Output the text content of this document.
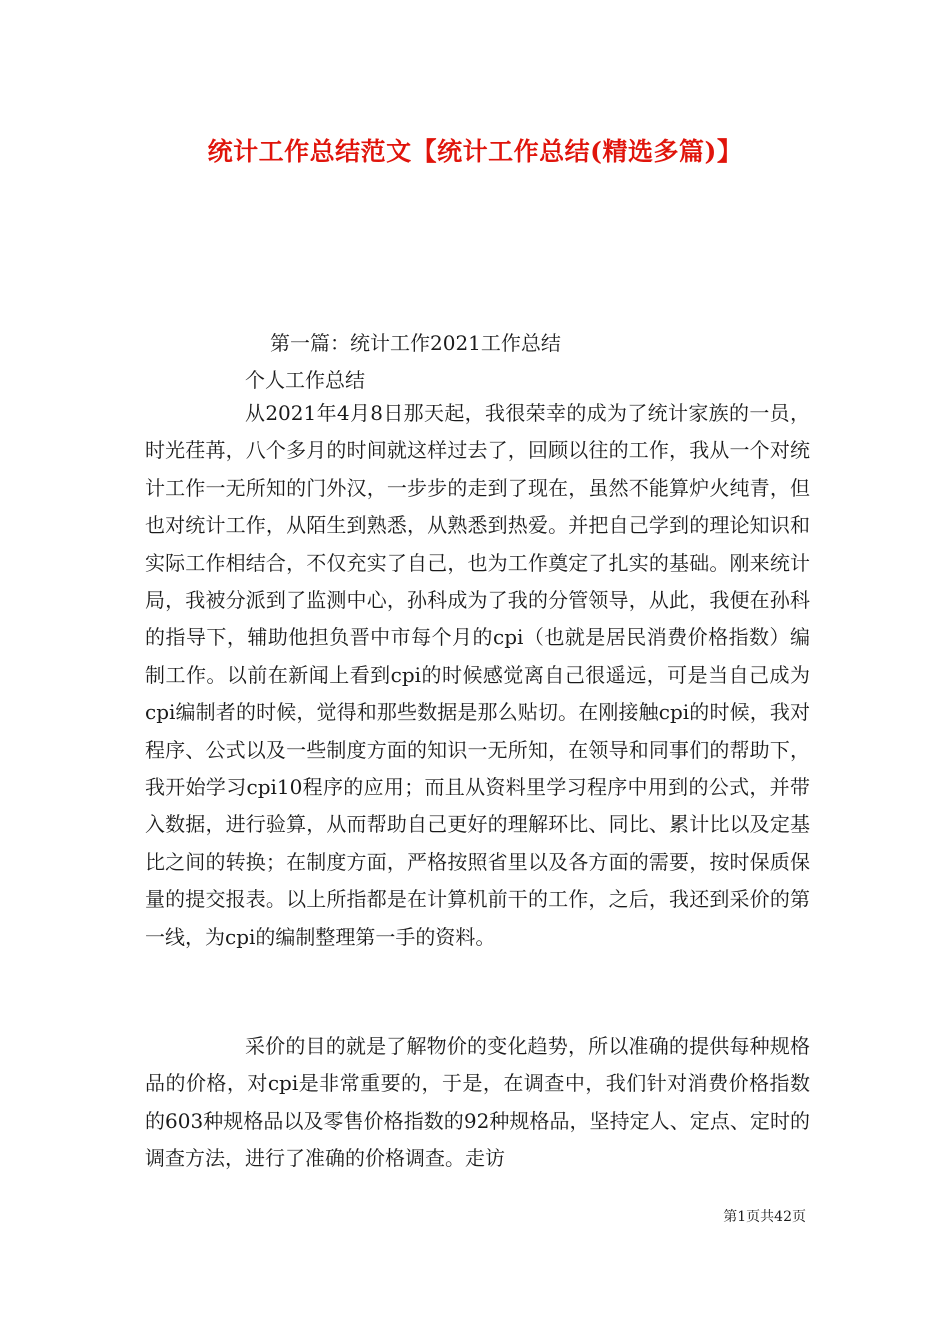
统计工作总结范文【统计工作总结(精选多篇)】
第一篇：统计工作2021工作总结
个人工作总结

从2021年4月8日那天起，我很荣幸的成为了统计家族的一员，时光荏苒，八个多月的时间就这样过去了，回顾以往的工作，我从一个对统计工作一无所知的门外汉，一步步的走到了现在，虽然不能算炉火纯青，但也对统计工作，从陌生到熟悉，从熟悉到热爱。并把自己学到的理论知识和实际工作相结合，不仅充实了自己，也为工作奠定了扎实的基础。刚来统计局，我被分派到了监测中心，孙科成为了我的分管领导，从此，我便在孙科的指导下，辅助他担负晋中市每个月的cpi（也就是居民消费价格指数）编制工作。以前在新闻上看到cpi的时候感觉离自己很遥远，可是当自己成为cpi编制者的时候，觉得和那些数据是那么贴切。在刚接触cpi的时候，我对程序、公式以及一些制度方面的知识一无所知，在领导和同事们的帮助下，我开始学习cpi10程序的应用；而且从资料里学习程序中用到的公式，并带入数据，进行验算，从而帮助自己更好的理解环比、同比、累计比以及定基比之间的转换；在制度方面，严格按照省里以及各方面的需要，按时保质保量的提交报表。以上所指都是在计算机前干的工作，之后，我还到采价的第一线，为cpi的编制整理第一手的资料。

采价的目的就是了解物价的变化趋势，所以准确的提供每种规格品的价格，对cpi是非常重要的，于是，在调查中，我们针对消费价格指数的603种规格品以及零售价格指数的92种规格品，坚持定人、定点、定时的调查方法，进行了准确的价格调查。走访

第1页共42页
